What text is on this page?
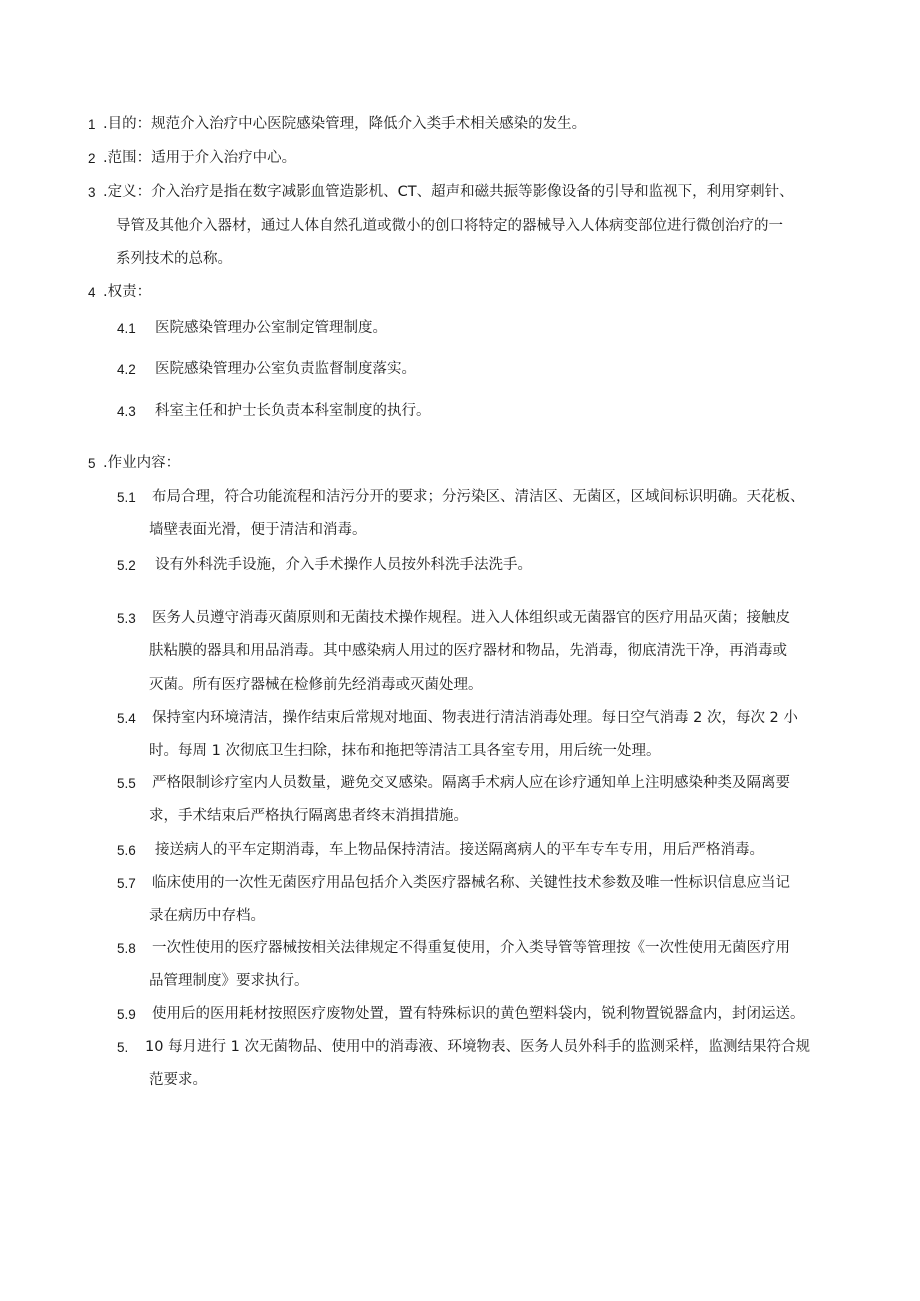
1 .目的：规范介入治疗中心医院感染管理，降低介入类手术相关感染的发生。
2 .范围：适用于介入治疗中心。
3 .定义：介入治疗是指在数字减影血管造影机、CT、超声和磁共振等影像设备的引导和监视下，利用穿刺针、
导管及其他介入器材，通过人体自然孔道或微小的创口将特定的器械导入人体病变部位进行微创治疗的一
系列技术的总称。
4 .权责：
4.1 医院感染管理办公室制定管理制度。
4.2 医院感染管理办公室负责监督制度落实。
4.3 科室主任和护士长负责本科室制度的执行。
5 .作业内容：
5.1 布局合理，符合功能流程和洁污分开的要求；分污染区、清洁区、无菌区，区域间标识明确。天花板、
墙壁表面光滑，便于清洁和消毒。
5.2 设有外科洗手设施，介入手术操作人员按外科洗手法洗手。
5.3 医务人员遵守消毒灭菌原则和无菌技术操作规程。进入人体组织或无菌器官的医疗用品灭菌；接触皮
肤粘膜的器具和用品消毒。其中感染病人用过的医疗器材和物品，先消毒，彻底清洗干净，再消毒或
灭菌。所有医疗器械在检修前先经消毒或灭菌处理。
5.4 保持室内环境清洁，操作结束后常规对地面、物表进行清洁消毒处理。每日空气消毒 2 次，每次 2 小
时。每周 1 次彻底卫生扫除，抹布和拖把等清洁工具各室专用，用后统一处理。
5.5 严格限制诊疗室内人员数量，避免交叉感染。隔离手术病人应在诊疗通知单上注明感染种类及隔离要
求，手术结束后严格执行隔离患者终末消揖措施。
5.6 接送病人的平车定期消毒，车上物品保持清洁。接送隔离病人的平车专车专用，用后严格消毒。
5.7 临床使用的一次性无菌医疗用品包括介入类医疗器械名称、关键性技术参数及唯一性标识信息应当记
录在病历中存档。
5.8 一次性使用的医疗器械按相关法律规定不得重复使用，介入类导管等管理按《一次性使用无菌医疗用
品管理制度》要求执行。
5.9 使用后的医用耗材按照医疗废物处置，置有特殊标识的黄色塑料袋内，锐利物置锐器盒内，封闭运送。
5. 10 每月进行 1 次无菌物品、使用中的消毒液、环境物表、医务人员外科手的监测采样，监测结果符合规
范要求。
